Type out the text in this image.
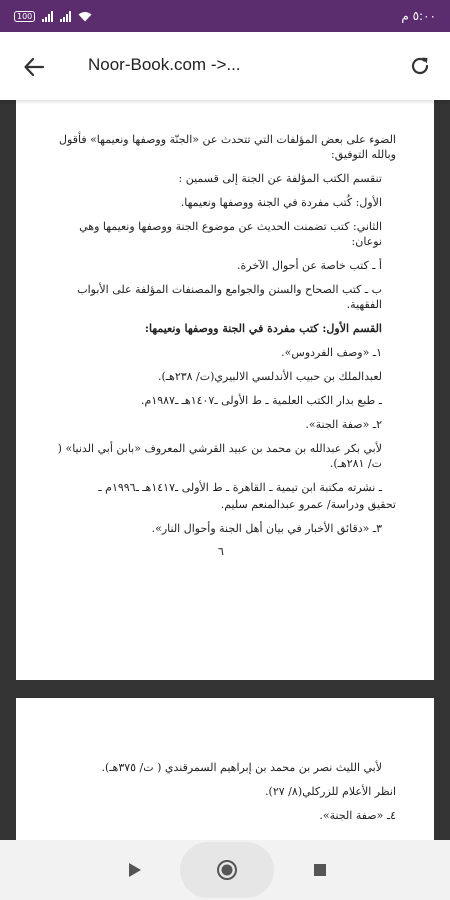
100	٥:٠٠ م
Noor-Book.com ->...

الضوء على بعض المؤلفات التي تتحدث عن «الجنّة ووصفها ونعيمها» فأقول وبالله التوفيق:

تنقسم الكتب المؤلفة عن الجنة إلى قسمين :

الأول: كُتب مفردة في الجنة ووصفها ونعيمها.

الثاني: كتب تضمنت الحديث عن موضوع الجنة ووصفها ونعيمها وهي نوعان:

أ ـ كتب خاصة عن أحوال الآخرة.

ب ـ كتب الصحاح والسنن والجوامع والمصنفات المؤلفة على الأبواب الفقهية.

القسم الأول: كتب مفردة في الجنة ووصفها ونعيمها:

١ـ «وصف الفردوس».

لعبدالملك بن حبيب الأندلسي الالبيري(ت/ ٢٣٨هـ).

ـ طبع بدار الكتب العلمية ـ ط الأولى ـ١٤٠٧هـ ـ١٩٨٧م.

٢ـ «صفة الجنة».

لأبي بكر عبدالله بن محمد بن عبيد القرشي المعروف «بابن أبي الدنيا» ( ت/ ٢٨١هـ).

ـ نشرته مكتبة ابن تيمية ـ القاهرة ـ ط الأولى ـ١٤١٧هـ ـ١٩٩٦م ـ

تحقيق ودراسة/ عمرو عبدالمنعم سليم.

٣ـ «دقائق الأخبار في بيان أهل الجنة وأحوال النار».

٦

لأبي الليث نصر بن محمد بن إبراهيم السمرقندي ( ت/ ٣٧٥هـ).

انظر الأعلام للزركلي(٨/ ٢٧).

٤ـ «صفة الجنة».
